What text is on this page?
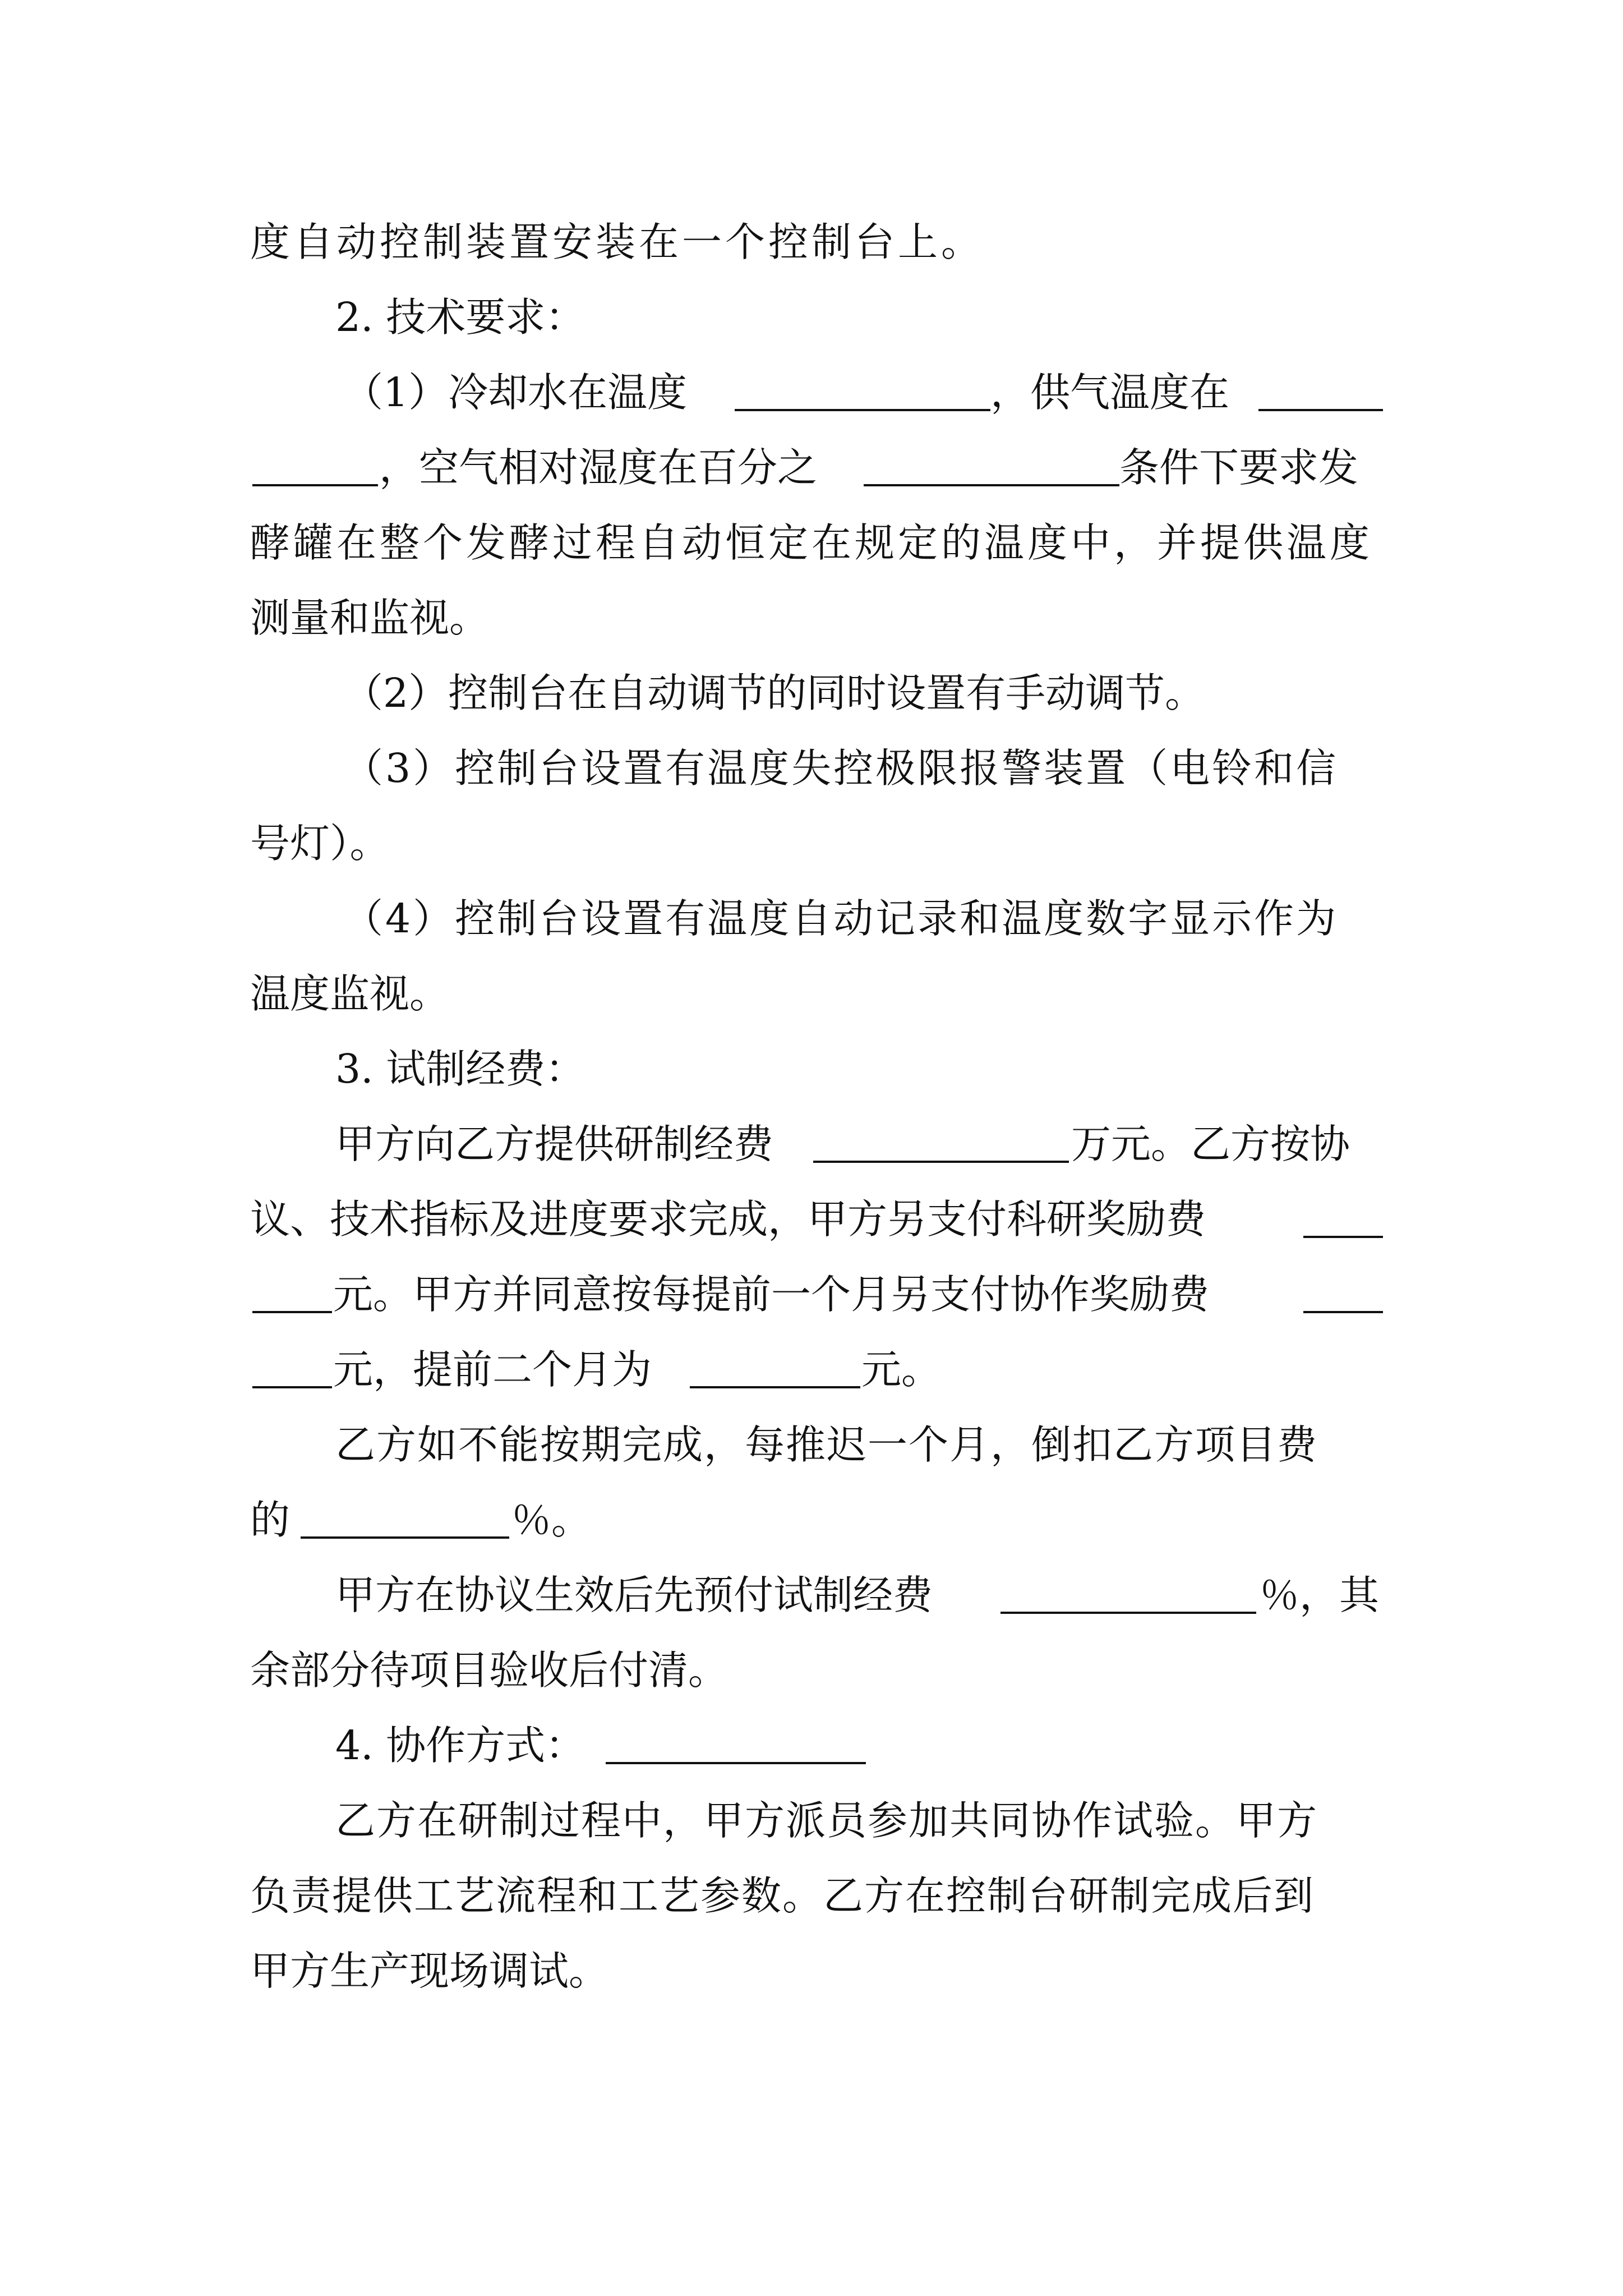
度自动控制装置安装在一个控制台上。
2. 技术要求：
（1）冷却水在温度	，供气温度在
，空气相对湿度在百分之	条件下要求发
酵罐在整个发酵过程自动恒定在规定的温度中，并提供温度
测量和监视。
（2）控制台在自动调节的同时设置有手动调节。
（3）控制台设置有温度失控极限报警装置（电铃和信
号灯）。
（4）控制台设置有温度自动记录和温度数字显示作为
温度监视。
3. 试制经费：
甲方向乙方提供研制经费	万元。乙方按协
议、技术指标及进度要求完成，甲方另支付科研奖励费
元。甲方并同意按每提前一个月另支付协作奖励费
元，提前二个月为	元。
乙方如不能按期完成，每推迟一个月，倒扣乙方项目费
的	％。
甲方在协议生效后先预付试制经费	％，其
余部分待项目验收后付清。
4. 协作方式：
乙方在研制过程中，甲方派员参加共同协作试验。甲方
负责提供工艺流程和工艺参数。乙方在控制台研制完成后到
甲方生产现场调试。
